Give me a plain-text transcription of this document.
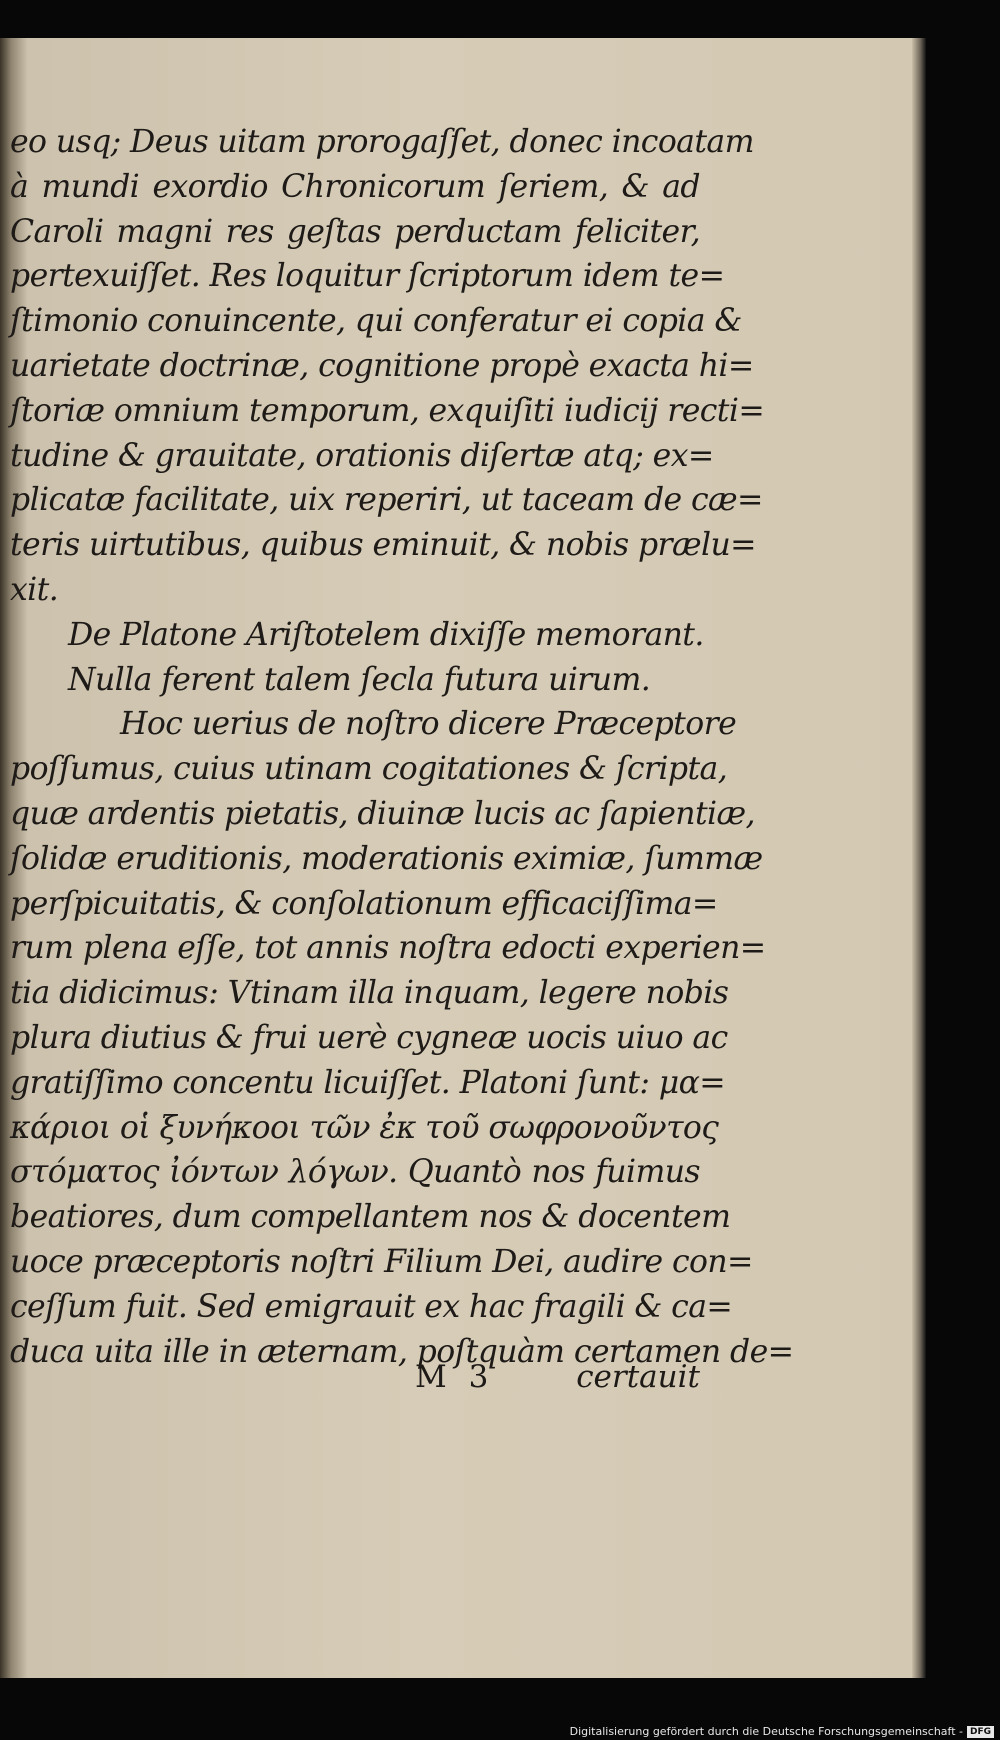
eo usq; Deus uitam prorogaſſet, donec incoatam
à mundi exordio Chronicorum ſeriem, & ad
Caroli magni res geſtas perductam feliciter,
pertexuiſſet. Res loquitur ſcriptorum idem te=
ſtimonio conuincente, qui conferatur ei copia &
uarietate doctrinæ, cognitione propè exacta hi=
ſtoriæ omnium temporum, exquiſiti iudicij recti=
tudine & grauitate, orationis diſertæ atq; ex=
plicatæ facilitate, uix reperiri, ut taceam de cæ=
teris uirtutibus, quibus eminuit, & nobis prælu=
xit.
De Platone Ariſtotelem dixiſſe memorant.
Nulla ferent talem ſecla futura uirum.
Hoc uerius de noſtro dicere Præceptore
poſſumus, cuius utinam cogitationes & ſcripta,
quæ ardentis pietatis, diuinæ lucis ac ſapientiæ,
ſolidæ eruditionis, moderationis eximiæ, ſummæ
perſpicuitatis, & conſolationum efficaciſſima=
rum plena eſſe, tot annis noſtra edocti experien=
tia didicimus: Vtinam illa inquam, legere nobis
plura diutius & frui uerè cygneæ uocis uiuo ac
gratiſſimo concentu licuiſſet. Platoni ſunt: μα=
κάριοι οἱ ξυνήκοοι τῶν ἐκ τοῦ σωφρονοῦντος
στόματος ἰόντων λόγων. Quantò nos fuimus
beatiores, dum compellantem nos & docentem
uoce præceptoris noſtri Filium Dei, audire con=
ceſſum fuit. Sed emigrauit ex hac fragili & ca=
duca uita ille in æternam, poſtquàm certamen de=
M 3	certauit
Digitalisierung gefördert durch die Deutsche Forschungsgemeinschaft - DFG
